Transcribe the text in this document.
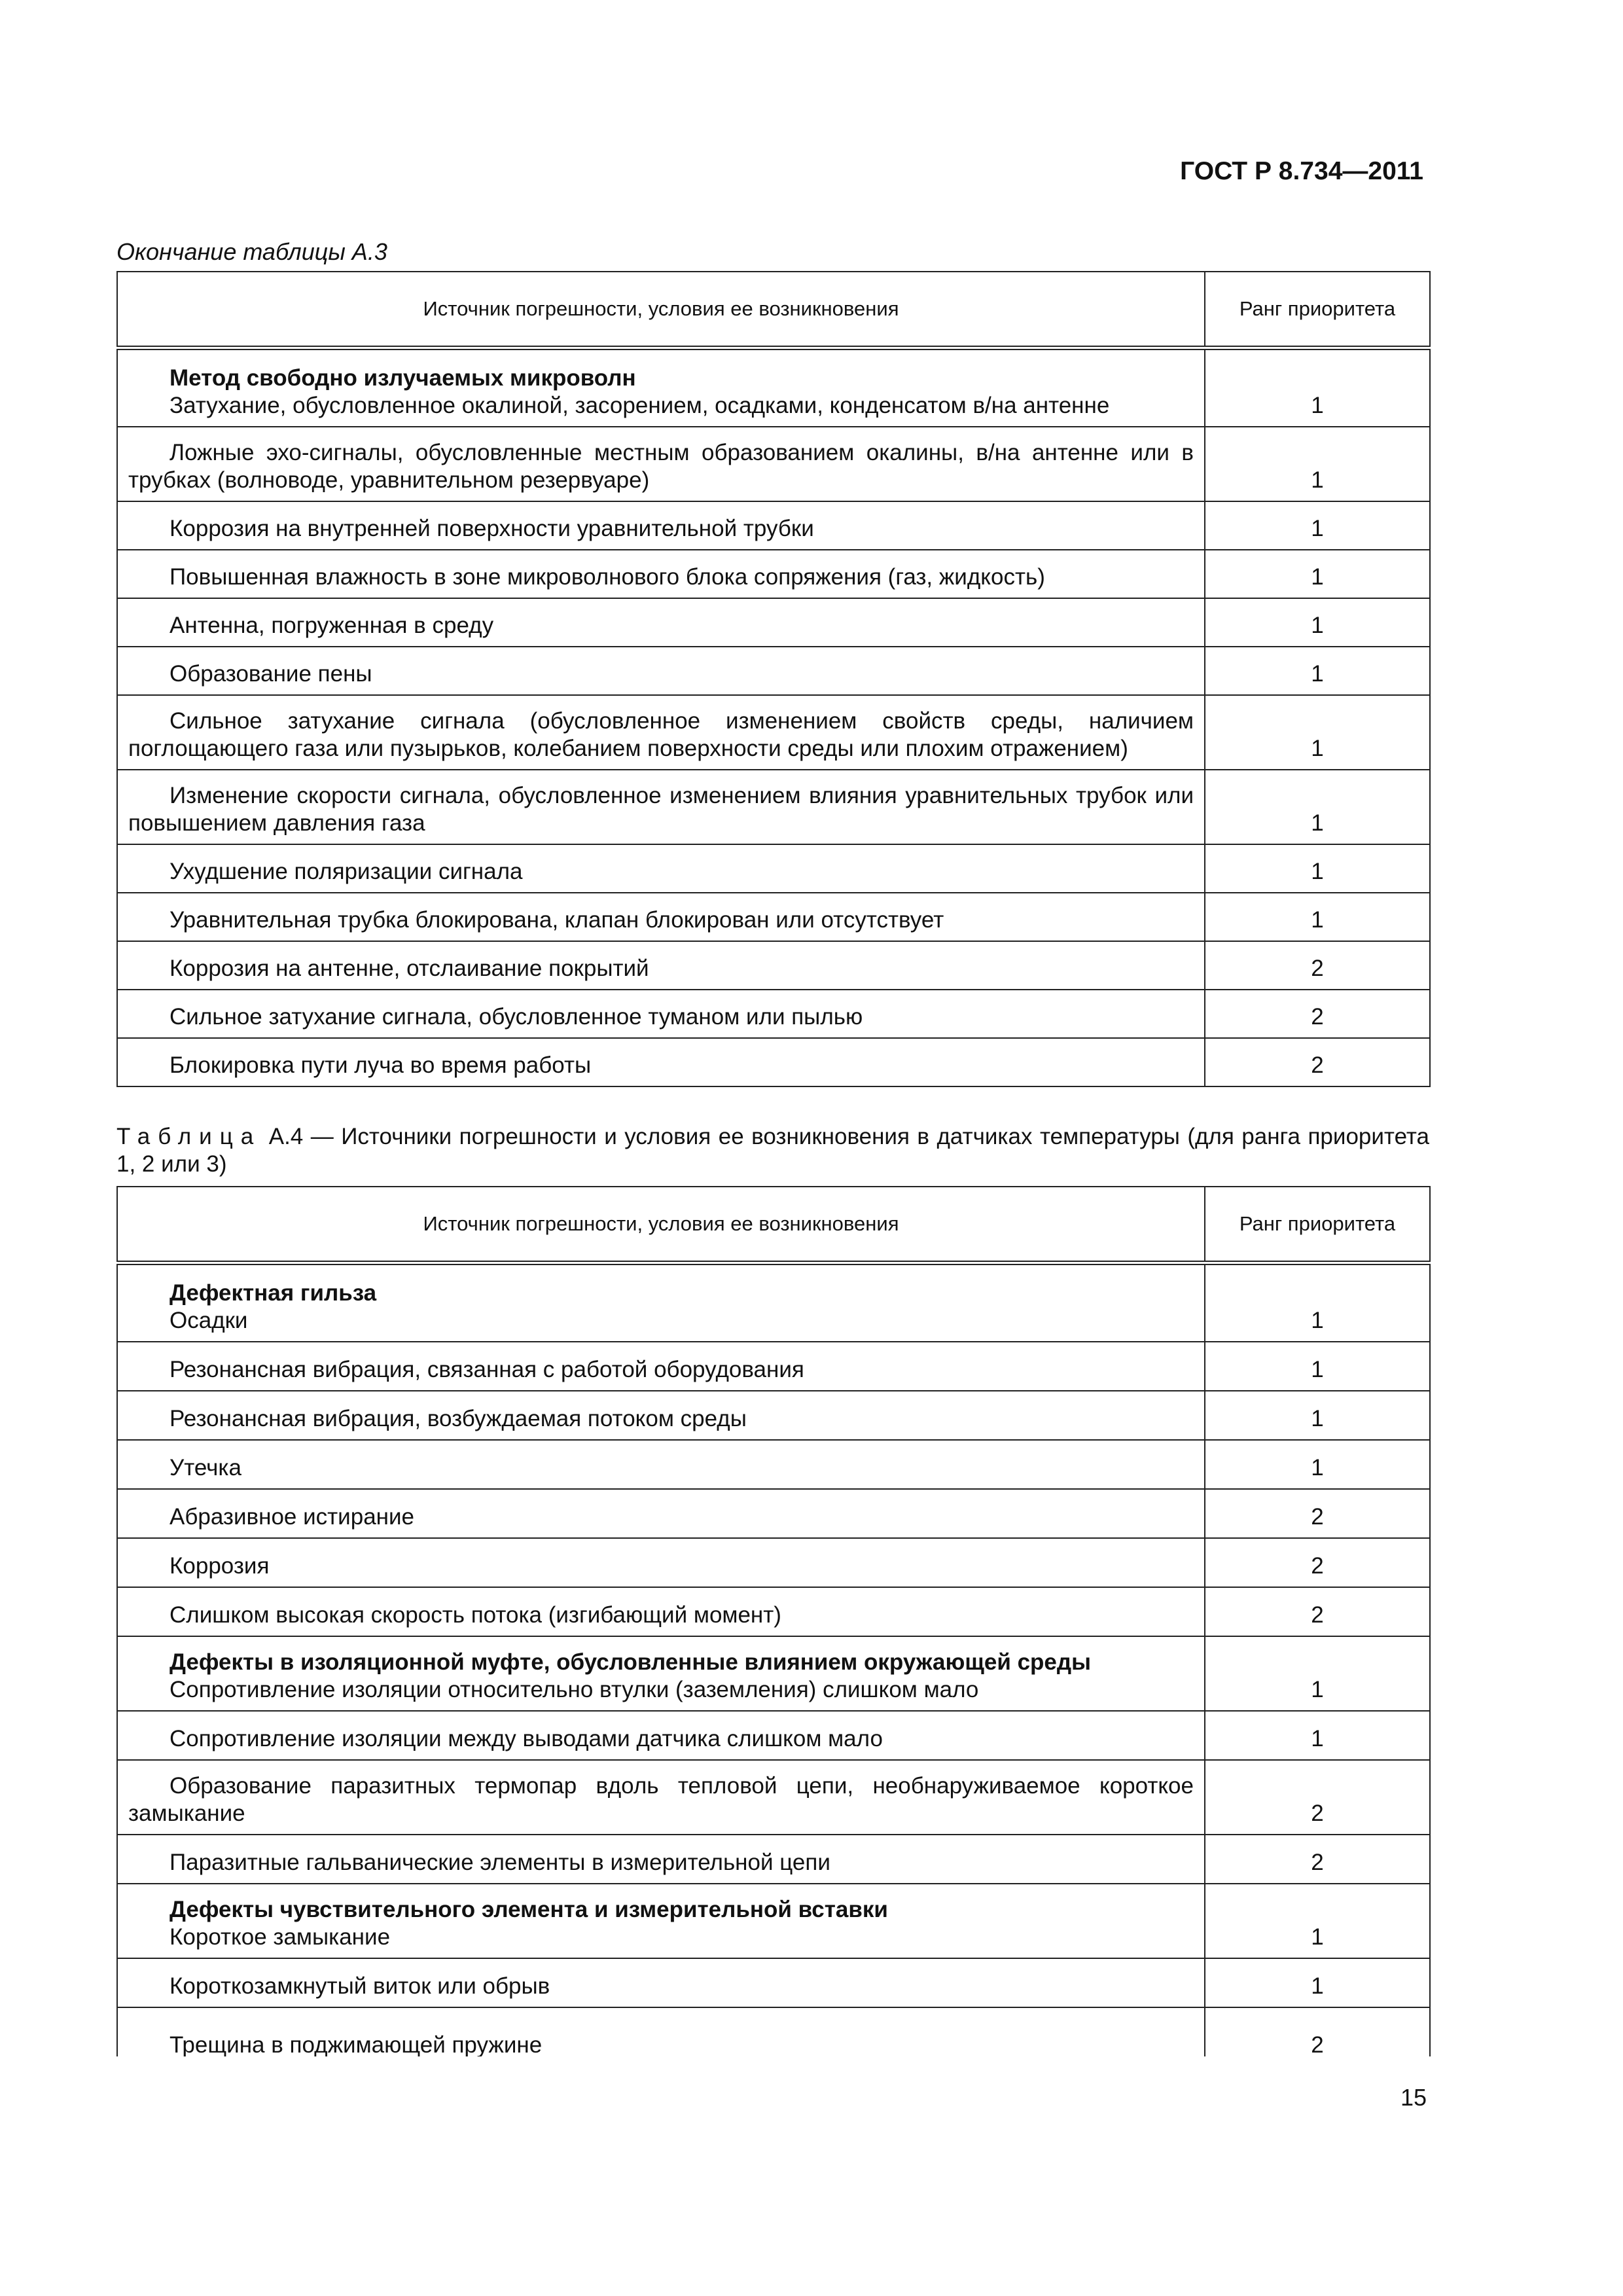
ГОСТ Р 8.734—2011
Окончание таблицы А.3
Источник погрешности, условия ее возникновения	Ранг приоритета

Метод свободно излучаемых микроволн
Затухание, обусловленное окалиной, засорением, осадками, конденсатом в/на антенне	1

Ложные эхо-сигналы, обусловленные местным образованием окалины, в/на антенне или в трубках (волноводе, уравнительном резервуаре)	1

Коррозия на внутренней поверхности уравнительной трубки	1

Повышенная влажность в зоне микроволнового блока сопряжения (газ, жидкость)	1

Антенна, погруженная в среду	1

Образование пены	1

Сильное затухание сигнала (обусловленное изменением свойств среды, наличием поглощающего газа или пузырьков, колебанием поверхности среды или плохим отражением)	1

Изменение скорости сигнала, обусловленное изменением влияния уравнительных трубок или повышением давления газа	1

Ухудшение поляризации сигнала	1

Уравнительная трубка блокирована, клапан блокирован или отсутствует	1

Коррозия на антенне, отслаивание покрытий	2

Сильное затухание сигнала, обусловленное туманом или пылью	2

Блокировка пути луча во время работы	2
Таблица А.4 — Источники погрешности и условия ее возникновения в датчиках температуры (для ранга приоритета 1, 2 или 3)
Источник погрешности, условия ее возникновения	Ранг приоритета

Дефектная гильза
Осадки	1

Резонансная вибрация, связанная с работой оборудования	1

Резонансная вибрация, возбуждаемая потоком среды	1

Утечка	1

Абразивное истирание	2

Коррозия	2

Слишком высокая скорость потока (изгибающий момент)	2

Дефекты в изоляционной муфте, обусловленные влиянием окружающей среды
Сопротивление изоляции относительно втулки (заземления) слишком мало	1

Сопротивление изоляции между выводами датчика слишком мало	1

Образование паразитных термопар вдоль тепловой цепи, необнаруживаемое короткое замыкание	2

Паразитные гальванические элементы в измерительной цепи	2

Дефекты чувствительного элемента и измерительной вставки
Короткое замыкание	1

Короткозамкнутый виток или обрыв	1

Трещина в поджимающей пружине	2
15
